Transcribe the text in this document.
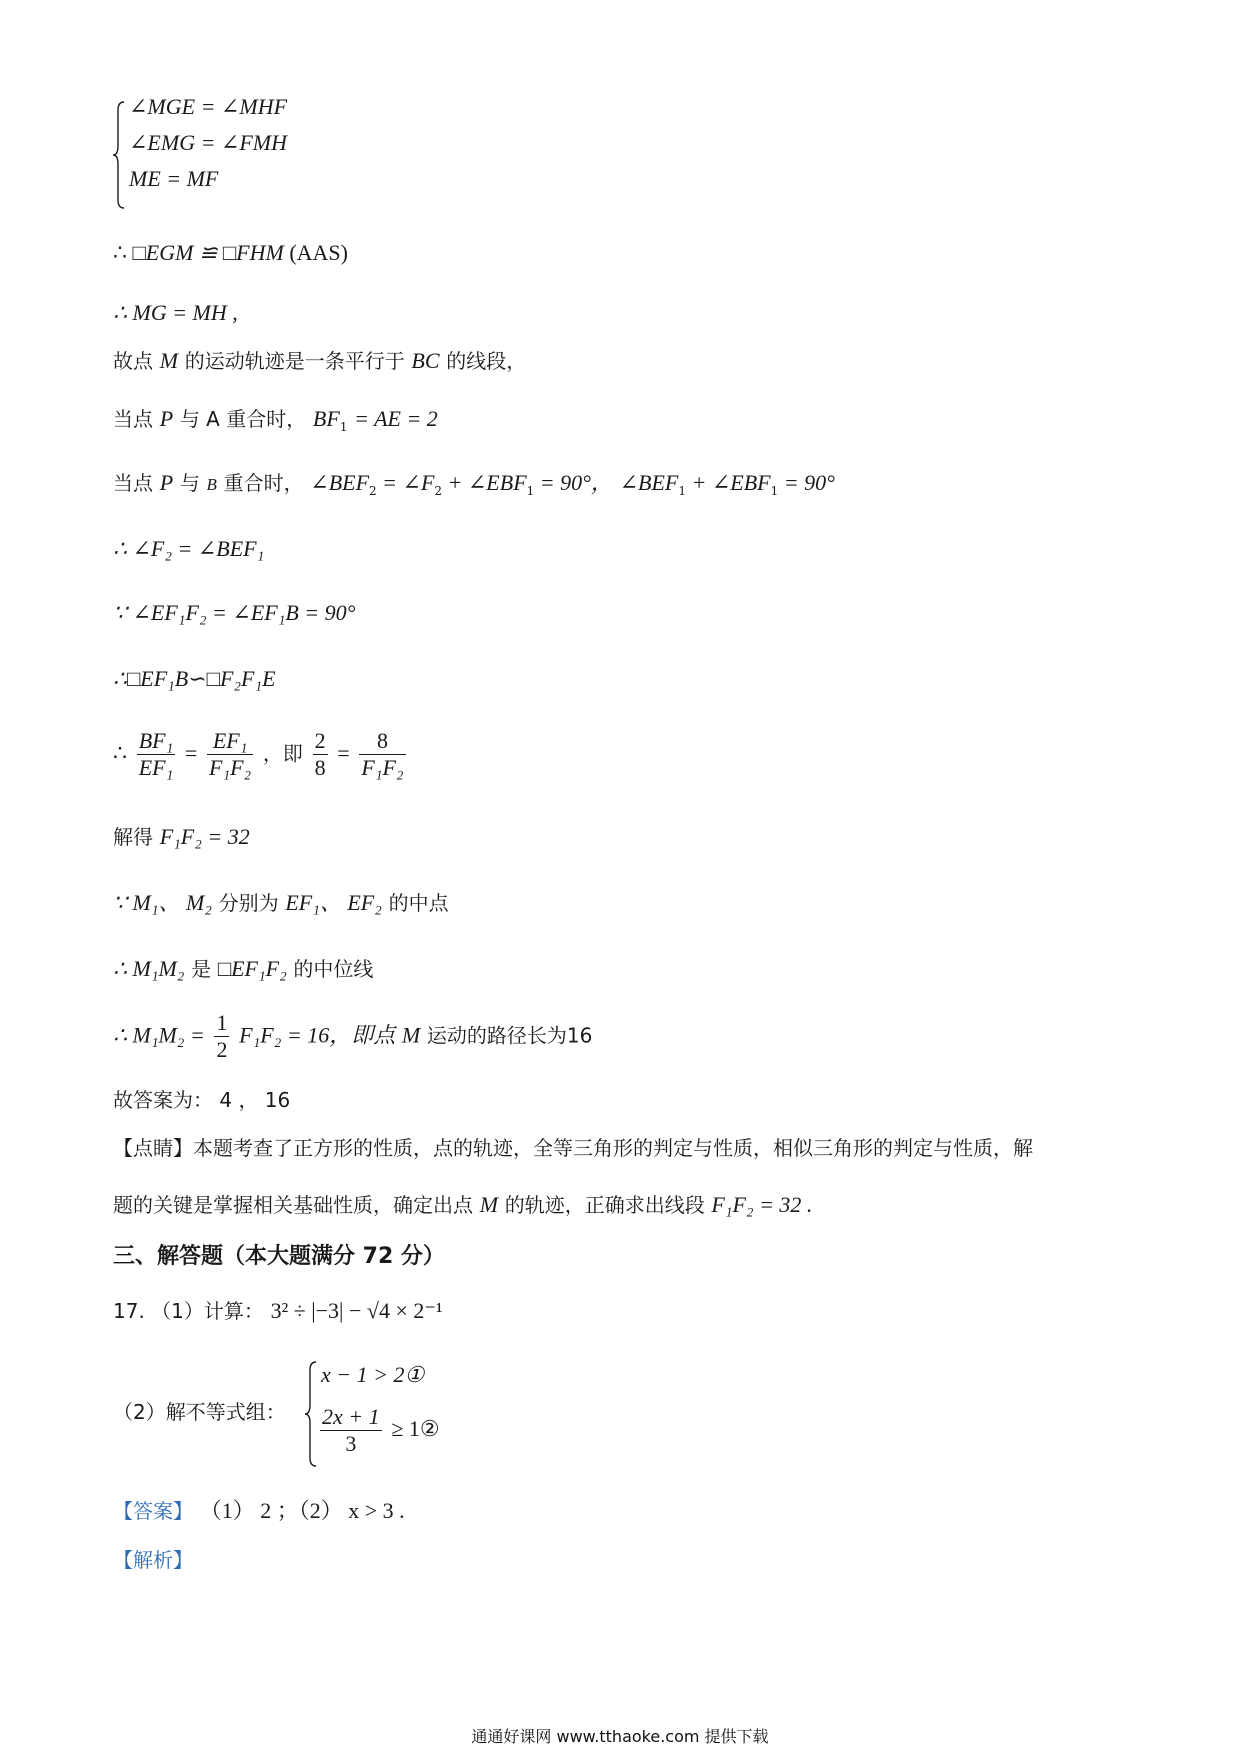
∠MGE = ∠MHF
∠EMG = ∠FMH
ME = MF
∴ □EGM ≌ □FHM (AAS)
∴ MG = MH ,
故点 M 的运动轨迹是一条平行于 BC 的线段，
当点 P 与 A 重合时， $BF_1$ = AE = 2
当点 P 与 B 重合时， $\angle BEF_2$ = $\angle F_2$ + $\angle EBF_1 = 90^\circ$， $\angle BEF_1$ + $\angle EBF_1 = 90^\circ$
∴ ∠F₂ = ∠BEF₁
∵ ∠EF₁F₂ = ∠EF₁B = 90°
∴□EF₁B∽□F₂F₁E
∴ $\frac{\text{BF₁}}{\text{EF₁}} = \frac{\text{EF₁}}{\text{F₁F₂}}$ ，即 $\frac{2}{8} = \frac{8}{\text{F₁F₂}}$
解得 F₁F₂ = 32
∵ M₁、 M₂ 分别为 EF₁、 EF₂ 的中点
∴ M₁M₂ 是 □EF₁F₂ 的中位线
∴ $M_1M_2 = \frac{1}{2} F_1F_2 = 16$，即点 M 运动的路径长为16
故答案为： 4 ， 16
【点睛】本题考查了正方形的性质，点的轨迹，全等三角形的判定与性质，相似三角形的判定与性质，解
题的关键是掌握相关基础性质，确定出点 M 的轨迹，正确求出线段 F₁F₂ = 32 .
三、解答题（本大题满分 72 分）
17. （1）计算： 3² ÷ |−3| − √4 × 2⁻¹
（2）解不等式组：
x − 1 > 2①
$\frac{2x + 1}{3}$ ≥ 1②
【答案】 （1） 2 ；（2） x > 3 .
【解析】
通通好课网 www.tthaoke.com 提供下载
